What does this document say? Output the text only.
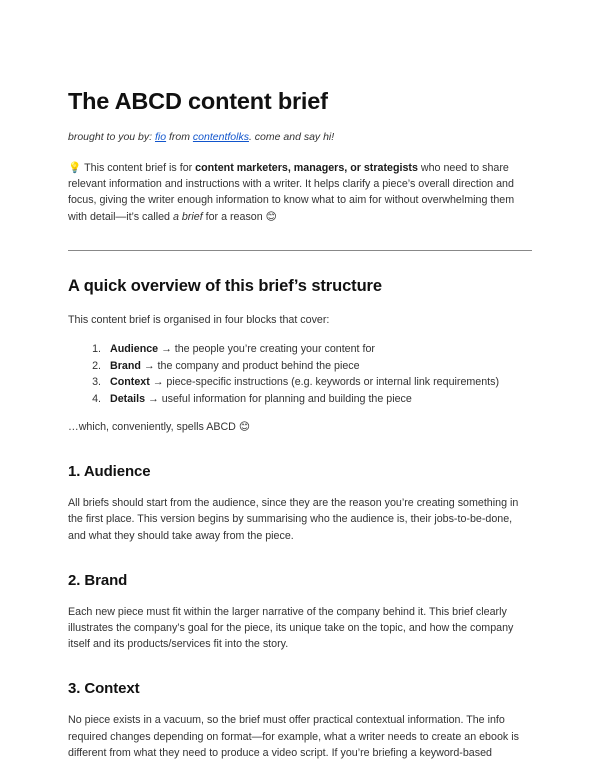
The ABCD content brief

brought to you by: fio from contentfolks. come and say hi!

💡 This content brief is for content marketers, managers, or strategists who need to share relevant information and instructions with a writer. It helps clarify a piece’s overall direction and focus, giving the writer enough information to know what to aim for without overwhelming them with detail—it’s called a brief for a reason 😊

A quick overview of this brief’s structure

This content brief is organised in four blocks that cover:

1. Audience → the people you’re creating your content for
2. Brand → the company and product behind the piece
3. Context → piece-specific instructions (e.g. keywords or internal link requirements)
4. Details → useful information for planning and building the piece

…which, conveniently, spells ABCD 😊

1. Audience

All briefs should start from the audience, since they are the reason you’re creating something in the first place. This version begins by summarising who the audience is, their jobs-to-be-done, and what they should take away from the piece.

2. Brand

Each new piece must fit within the larger narrative of the company behind it. This brief clearly illustrates the company’s goal for the piece, its unique take on the topic, and how the company itself and its products/services fit into the story.

3. Context

No piece exists in a vacuum, so the brief must offer practical contextual information. The info required changes depending on format—for example, what a writer needs to create an ebook is different from what they need to produce a video script. If you’re briefing a keyword-based
